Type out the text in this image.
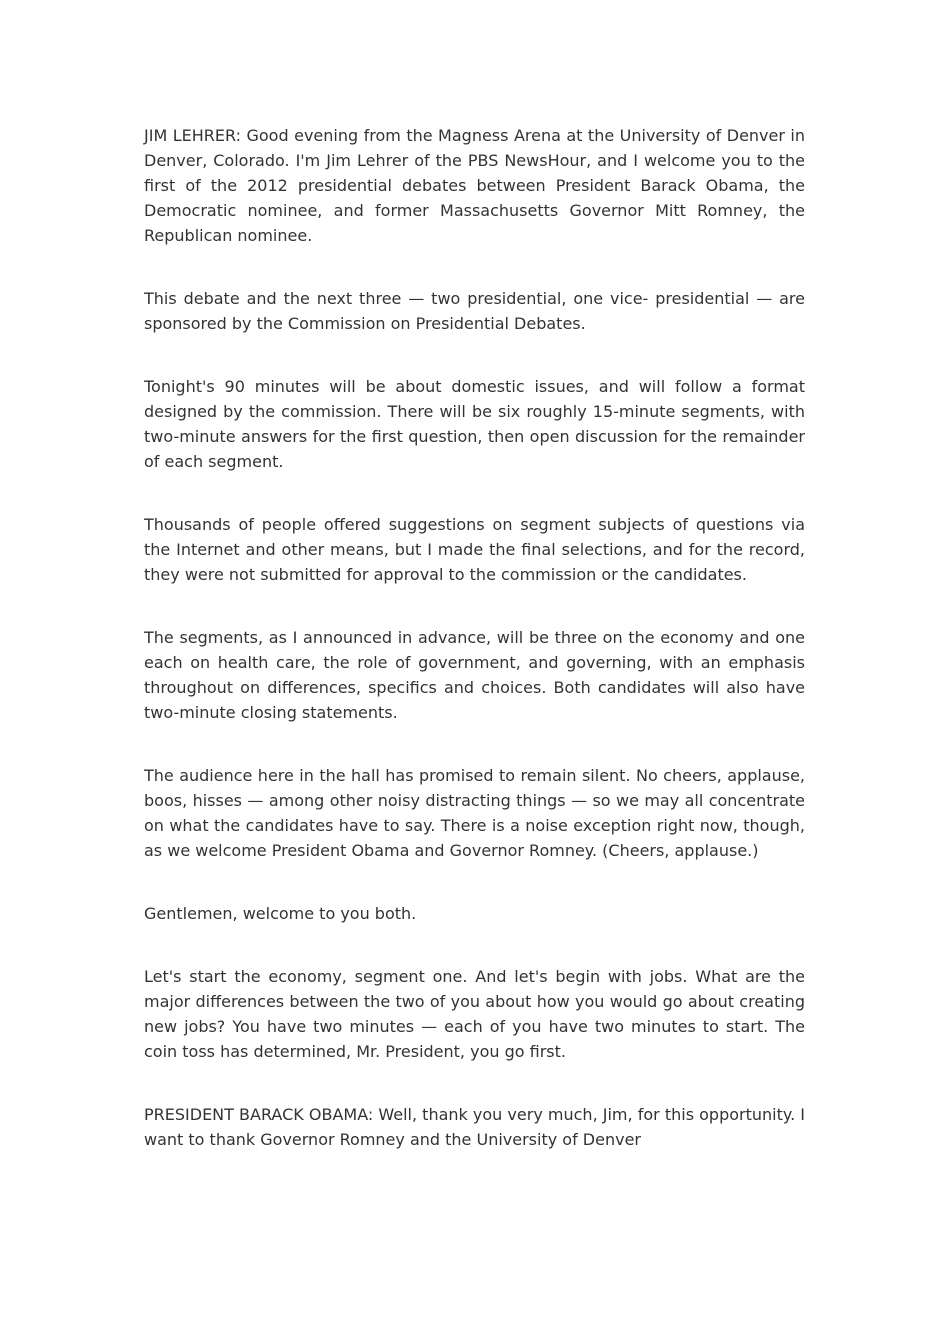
JIM LEHRER: Good evening from the Magness Arena at the University of Denver in Denver, Colorado. I'm Jim Lehrer of the PBS NewsHour, and I welcome you to the first of the 2012 presidential debates between President Barack Obama, the Democratic nominee, and former Massachusetts Governor Mitt Romney, the Republican nominee.

This debate and the next three — two presidential, one vice- presidential — are sponsored by the Commission on Presidential Debates.

Tonight's 90 minutes will be about domestic issues, and will follow a format designed by the commission. There will be six roughly 15-minute segments, with two-minute answers for the first question, then open discussion for the remainder of each segment.

Thousands of people offered suggestions on segment subjects of questions via the Internet and other means, but I made the final selections, and for the record, they were not submitted for approval to the commission or the candidates.

The segments, as I announced in advance, will be three on the economy and one each on health care, the role of government, and governing, with an emphasis throughout on differences, specifics and choices. Both candidates will also have two-minute closing statements.

The audience here in the hall has promised to remain silent. No cheers, applause, boos, hisses — among other noisy distracting things — so we may all concentrate on what the candidates have to say. There is a noise exception right now, though, as we welcome President Obama and Governor Romney. (Cheers, applause.)

Gentlemen, welcome to you both.

Let's start the economy, segment one. And let's begin with jobs. What are the major differences between the two of you about how you would go about creating new jobs? You have two minutes — each of you have two minutes to start. The coin toss has determined, Mr. President, you go first.

PRESIDENT BARACK OBAMA: Well, thank you very much, Jim, for this opportunity. I want to thank Governor Romney and the University of Denver
